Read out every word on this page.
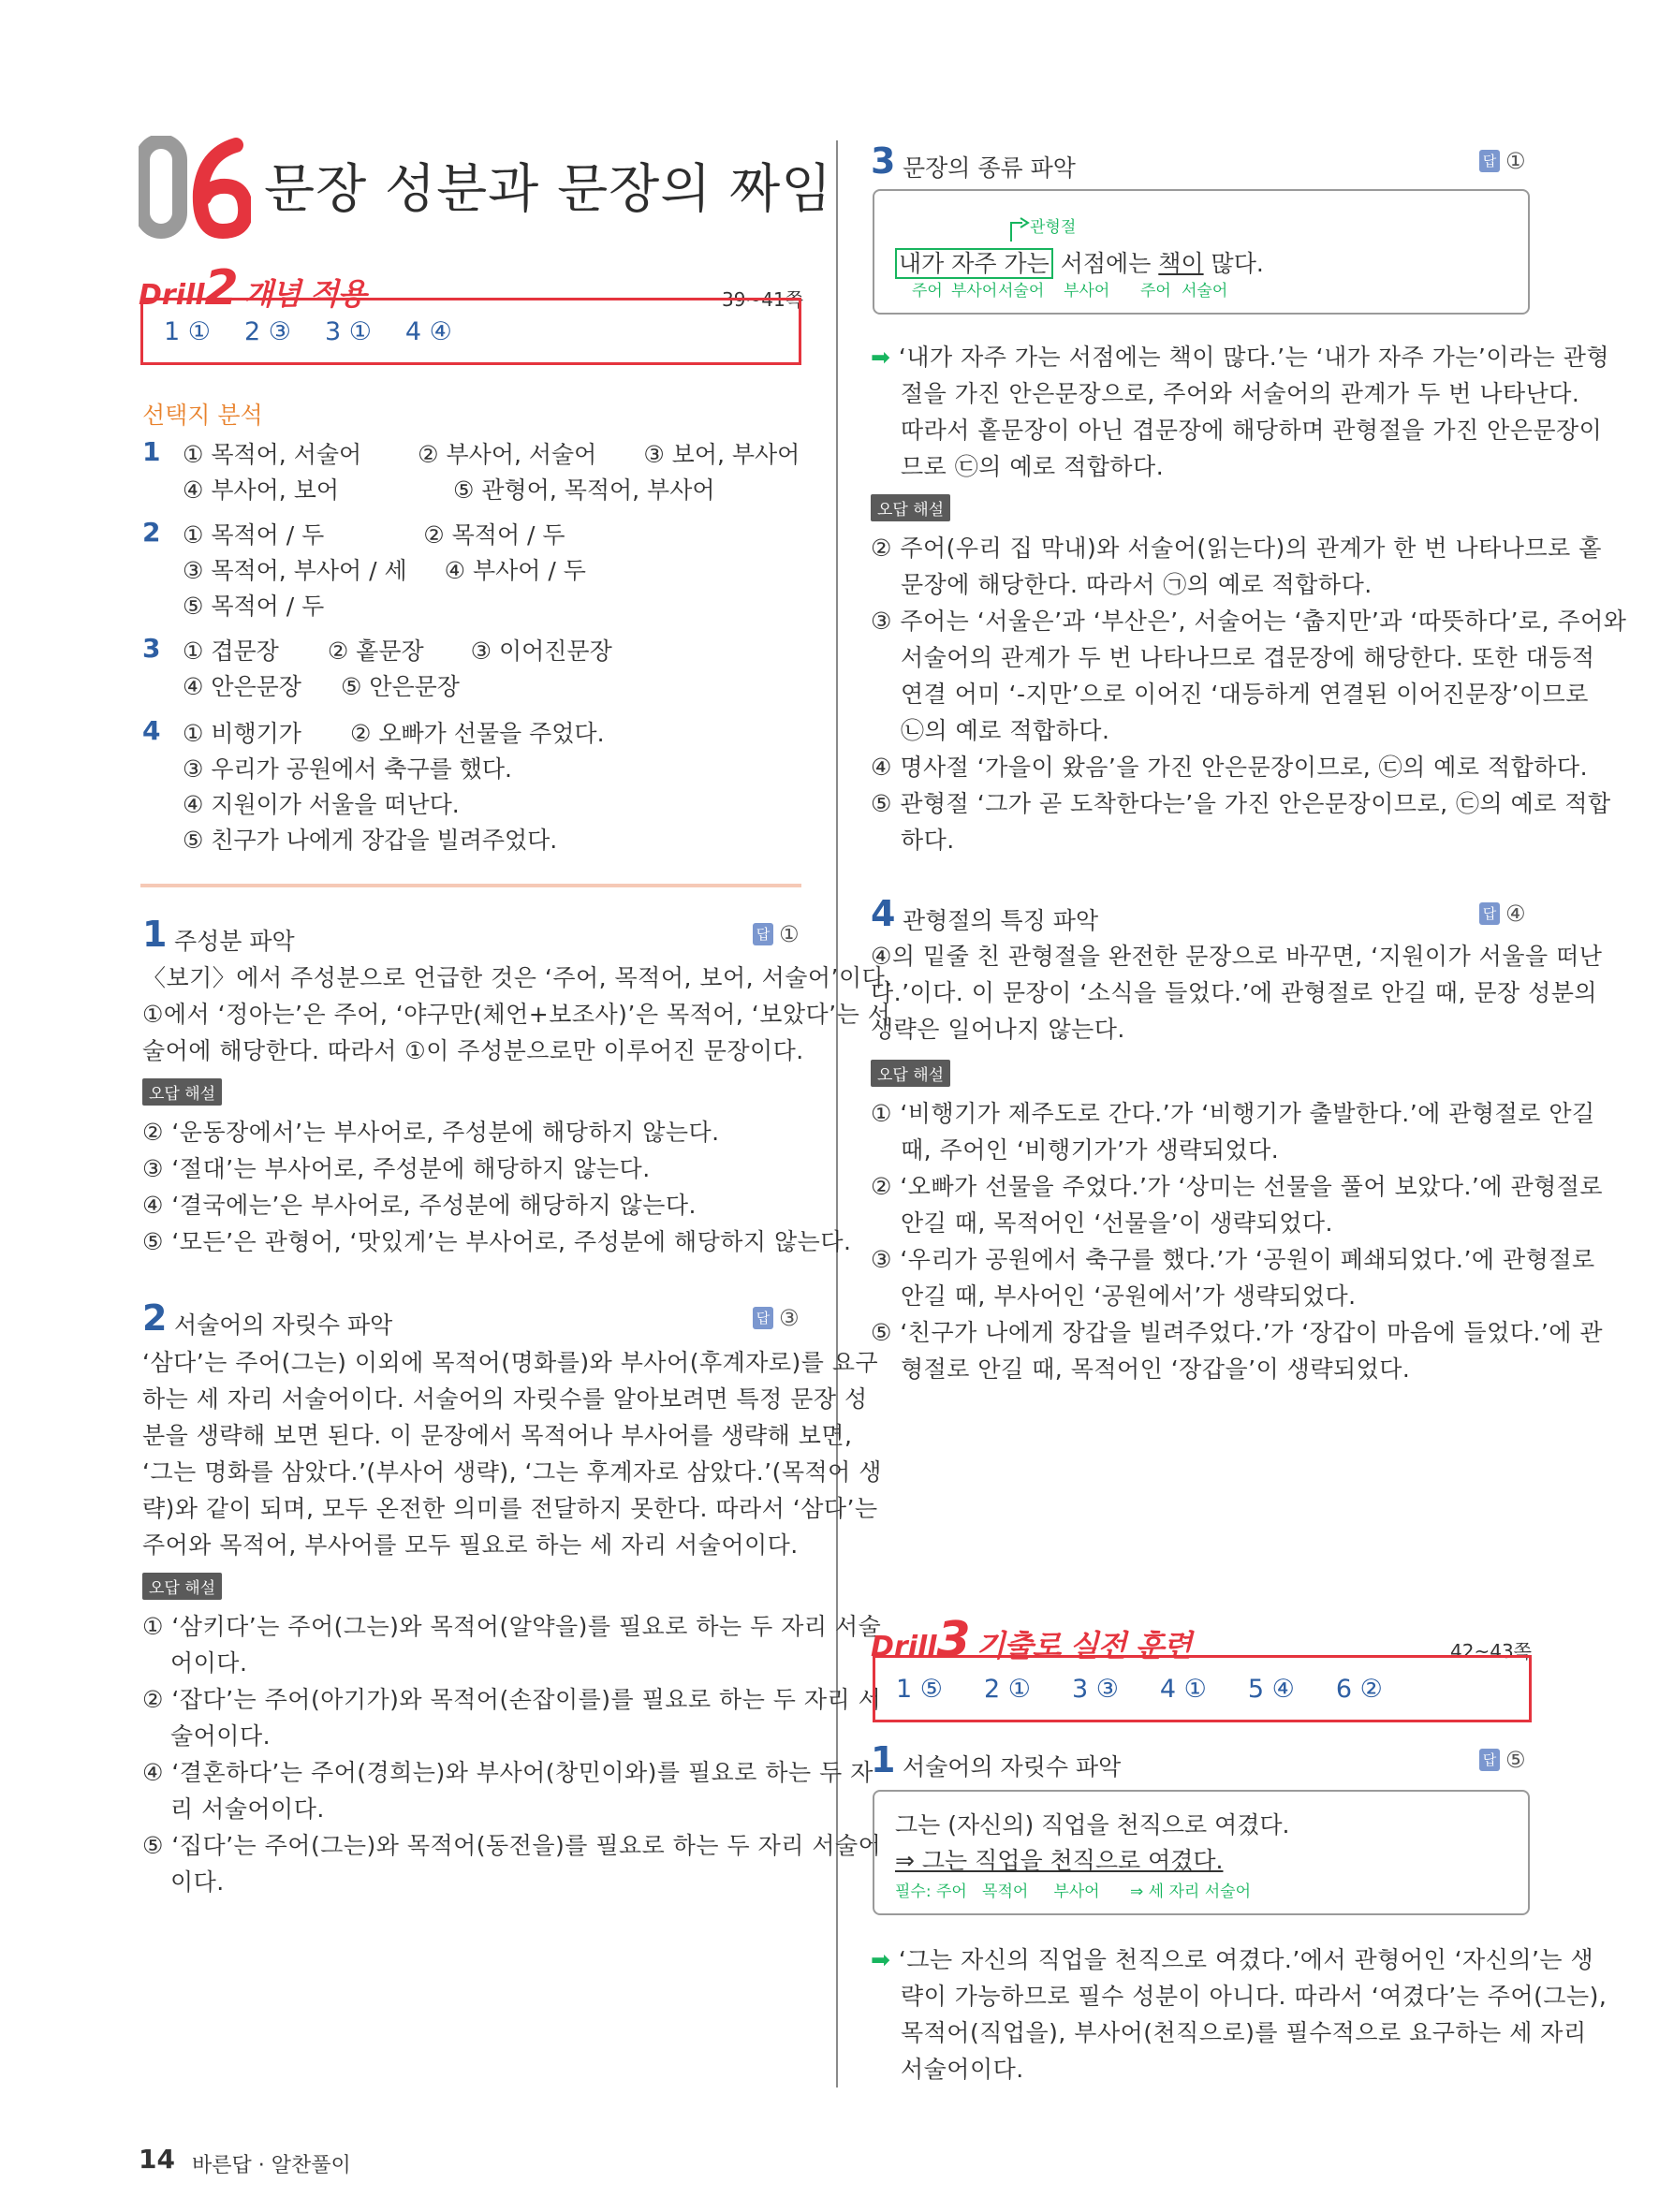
문장 성분과 문장의 짜임
Drill2 개념 적용	39~41쪽
1 ① 2 ③ 3 ① 4 ④
선택지 분석
1 ① 목적어, 서술어 ② 부사어, 서술어 ③ 보어, 부사어
④ 부사어, 보어	⑤ 관형어, 목적어, 부사어
2 ① 목적어 / 두	② 목적어 / 두
③ 목적어, 부사어 / 세 ④ 부사어 / 두
⑤ 목적어 / 두
3 ① 겹문장 ② 홑문장 ③ 이어진문장
④ 안은문장 ⑤ 안은문장
4 ① 비행기가 ② 오빠가 선물을 주었다.
③ 우리가 공원에서 축구를 했다.
④ 지원이가 서울을 떠난다.
⑤ 친구가 나에게 장갑을 빌려주었다.
1 주성분 파악	답 ①
〈보기〉에서 주성분으로 언급한 것은 ‘주어, 목적어, 보어, 서술어’이다.
①에서 ‘정아는’은 주어, ‘야구만(체언+보조사)’은 목적어, ‘보았다’는 서
술어에 해당한다. 따라서 ①이 주성분으로만 이루어진 문장이다.
오답 해설
② ‘운동장에서’는 부사어로, 주성분에 해당하지 않는다.
③ ‘절대’는 부사어로, 주성분에 해당하지 않는다.
④ ‘결국에는’은 부사어로, 주성분에 해당하지 않는다.
⑤ ‘모든’은 관형어, ‘맛있게’는 부사어로, 주성분에 해당하지 않는다.
2 서술어의 자릿수 파악	답 ③
‘삼다’는 주어(그는) 이외에 목적어(명화를)와 부사어(후계자로)를 요구
하는 세 자리 서술어이다. 서술어의 자릿수를 알아보려면 특정 문장 성
분을 생략해 보면 된다. 이 문장에서 목적어나 부사어를 생략해 보면,
‘그는 명화를 삼았다.’(부사어 생략), ‘그는 후계자로 삼았다.’(목적어 생
략)와 같이 되며, 모두 온전한 의미를 전달하지 못한다. 따라서 ‘삼다’는
주어와 목적어, 부사어를 모두 필요로 하는 세 자리 서술어이다.
오답 해설
① ‘삼키다’는 주어(그는)와 목적어(알약을)를 필요로 하는 두 자리 서술
어이다.
② ‘잡다’는 주어(아기가)와 목적어(손잡이를)를 필요로 하는 두 자리 서
술어이다.
④ ‘결혼하다’는 주어(경희는)와 부사어(창민이와)를 필요로 하는 두 자
리 서술어이다.
⑤ ‘집다’는 주어(그는)와 목적어(동전을)를 필요로 하는 두 자리 서술어
이다.
3 문장의 종류 파악	답 ①
관형절
내가 자주 가는 서점에는 책이 많다.
주어 부사어 서술어 부사어 주어 서술어
➡ ‘내가 자주 가는 서점에는 책이 많다.’는 ‘내가 자주 가는’이라는 관형
절을 가진 안은문장으로, 주어와 서술어의 관계가 두 번 나타난다.
따라서 홑문장이 아닌 겹문장에 해당하며 관형절을 가진 안은문장이
므로 ㉢의 예로 적합하다.
오답 해설
② 주어(우리 집 막내)와 서술어(읽는다)의 관계가 한 번 나타나므로 홑
문장에 해당한다. 따라서 ㉠의 예로 적합하다.
③ 주어는 ‘서울은’과 ‘부산은’, 서술어는 ‘춥지만’과 ‘따뜻하다’로, 주어와
서술어의 관계가 두 번 나타나므로 겹문장에 해당한다. 또한 대등적
연결 어미 ‘-지만’으로 이어진 ‘대등하게 연결된 이어진문장’이므로
㉡의 예로 적합하다.
④ 명사절 ‘가을이 왔음’을 가진 안은문장이므로, ㉢의 예로 적합하다.
⑤ 관형절 ‘그가 곧 도착한다는’을 가진 안은문장이므로, ㉢의 예로 적합
하다.
4 관형절의 특징 파악	답 ④
④의 밑줄 친 관형절을 완전한 문장으로 바꾸면, ‘지원이가 서울을 떠난
다.’이다. 이 문장이 ‘소식을 들었다.’에 관형절로 안길 때, 문장 성분의
생략은 일어나지 않는다.
오답 해설
① ‘비행기가 제주도로 간다.’가 ‘비행기가 출발한다.’에 관형절로 안길
때, 주어인 ‘비행기가’가 생략되었다.
② ‘오빠가 선물을 주었다.’가 ‘상미는 선물을 풀어 보았다.’에 관형절로
안길 때, 목적어인 ‘선물을’이 생략되었다.
③ ‘우리가 공원에서 축구를 했다.’가 ‘공원이 폐쇄되었다.’에 관형절로
안길 때, 부사어인 ‘공원에서’가 생략되었다.
⑤ ‘친구가 나에게 장갑을 빌려주었다.’가 ‘장갑이 마음에 들었다.’에 관
형절로 안길 때, 목적어인 ‘장갑을’이 생략되었다.
Drill3 기출로 실전 훈련	42~43쪽
1 ⑤ 2 ① 3 ③ 4 ① 5 ④ 6 ②
1 서술어의 자릿수 파악	답 ⑤
그는 (자신의) 직업을 천직으로 여겼다.
⇒ 그는 직업을 천직으로 여겼다.
필수: 주어   목적어     부사어      ⇒ 세 자리 서술어
➡ ‘그는 자신의 직업을 천직으로 여겼다.’에서 관형어인 ‘자신의’는 생
략이 가능하므로 필수 성분이 아니다. 따라서 ‘여겼다’는 주어(그는),
목적어(직업을), 부사어(천직으로)를 필수적으로 요구하는 세 자리
서술어이다.
14 바른답 · 알찬풀이
